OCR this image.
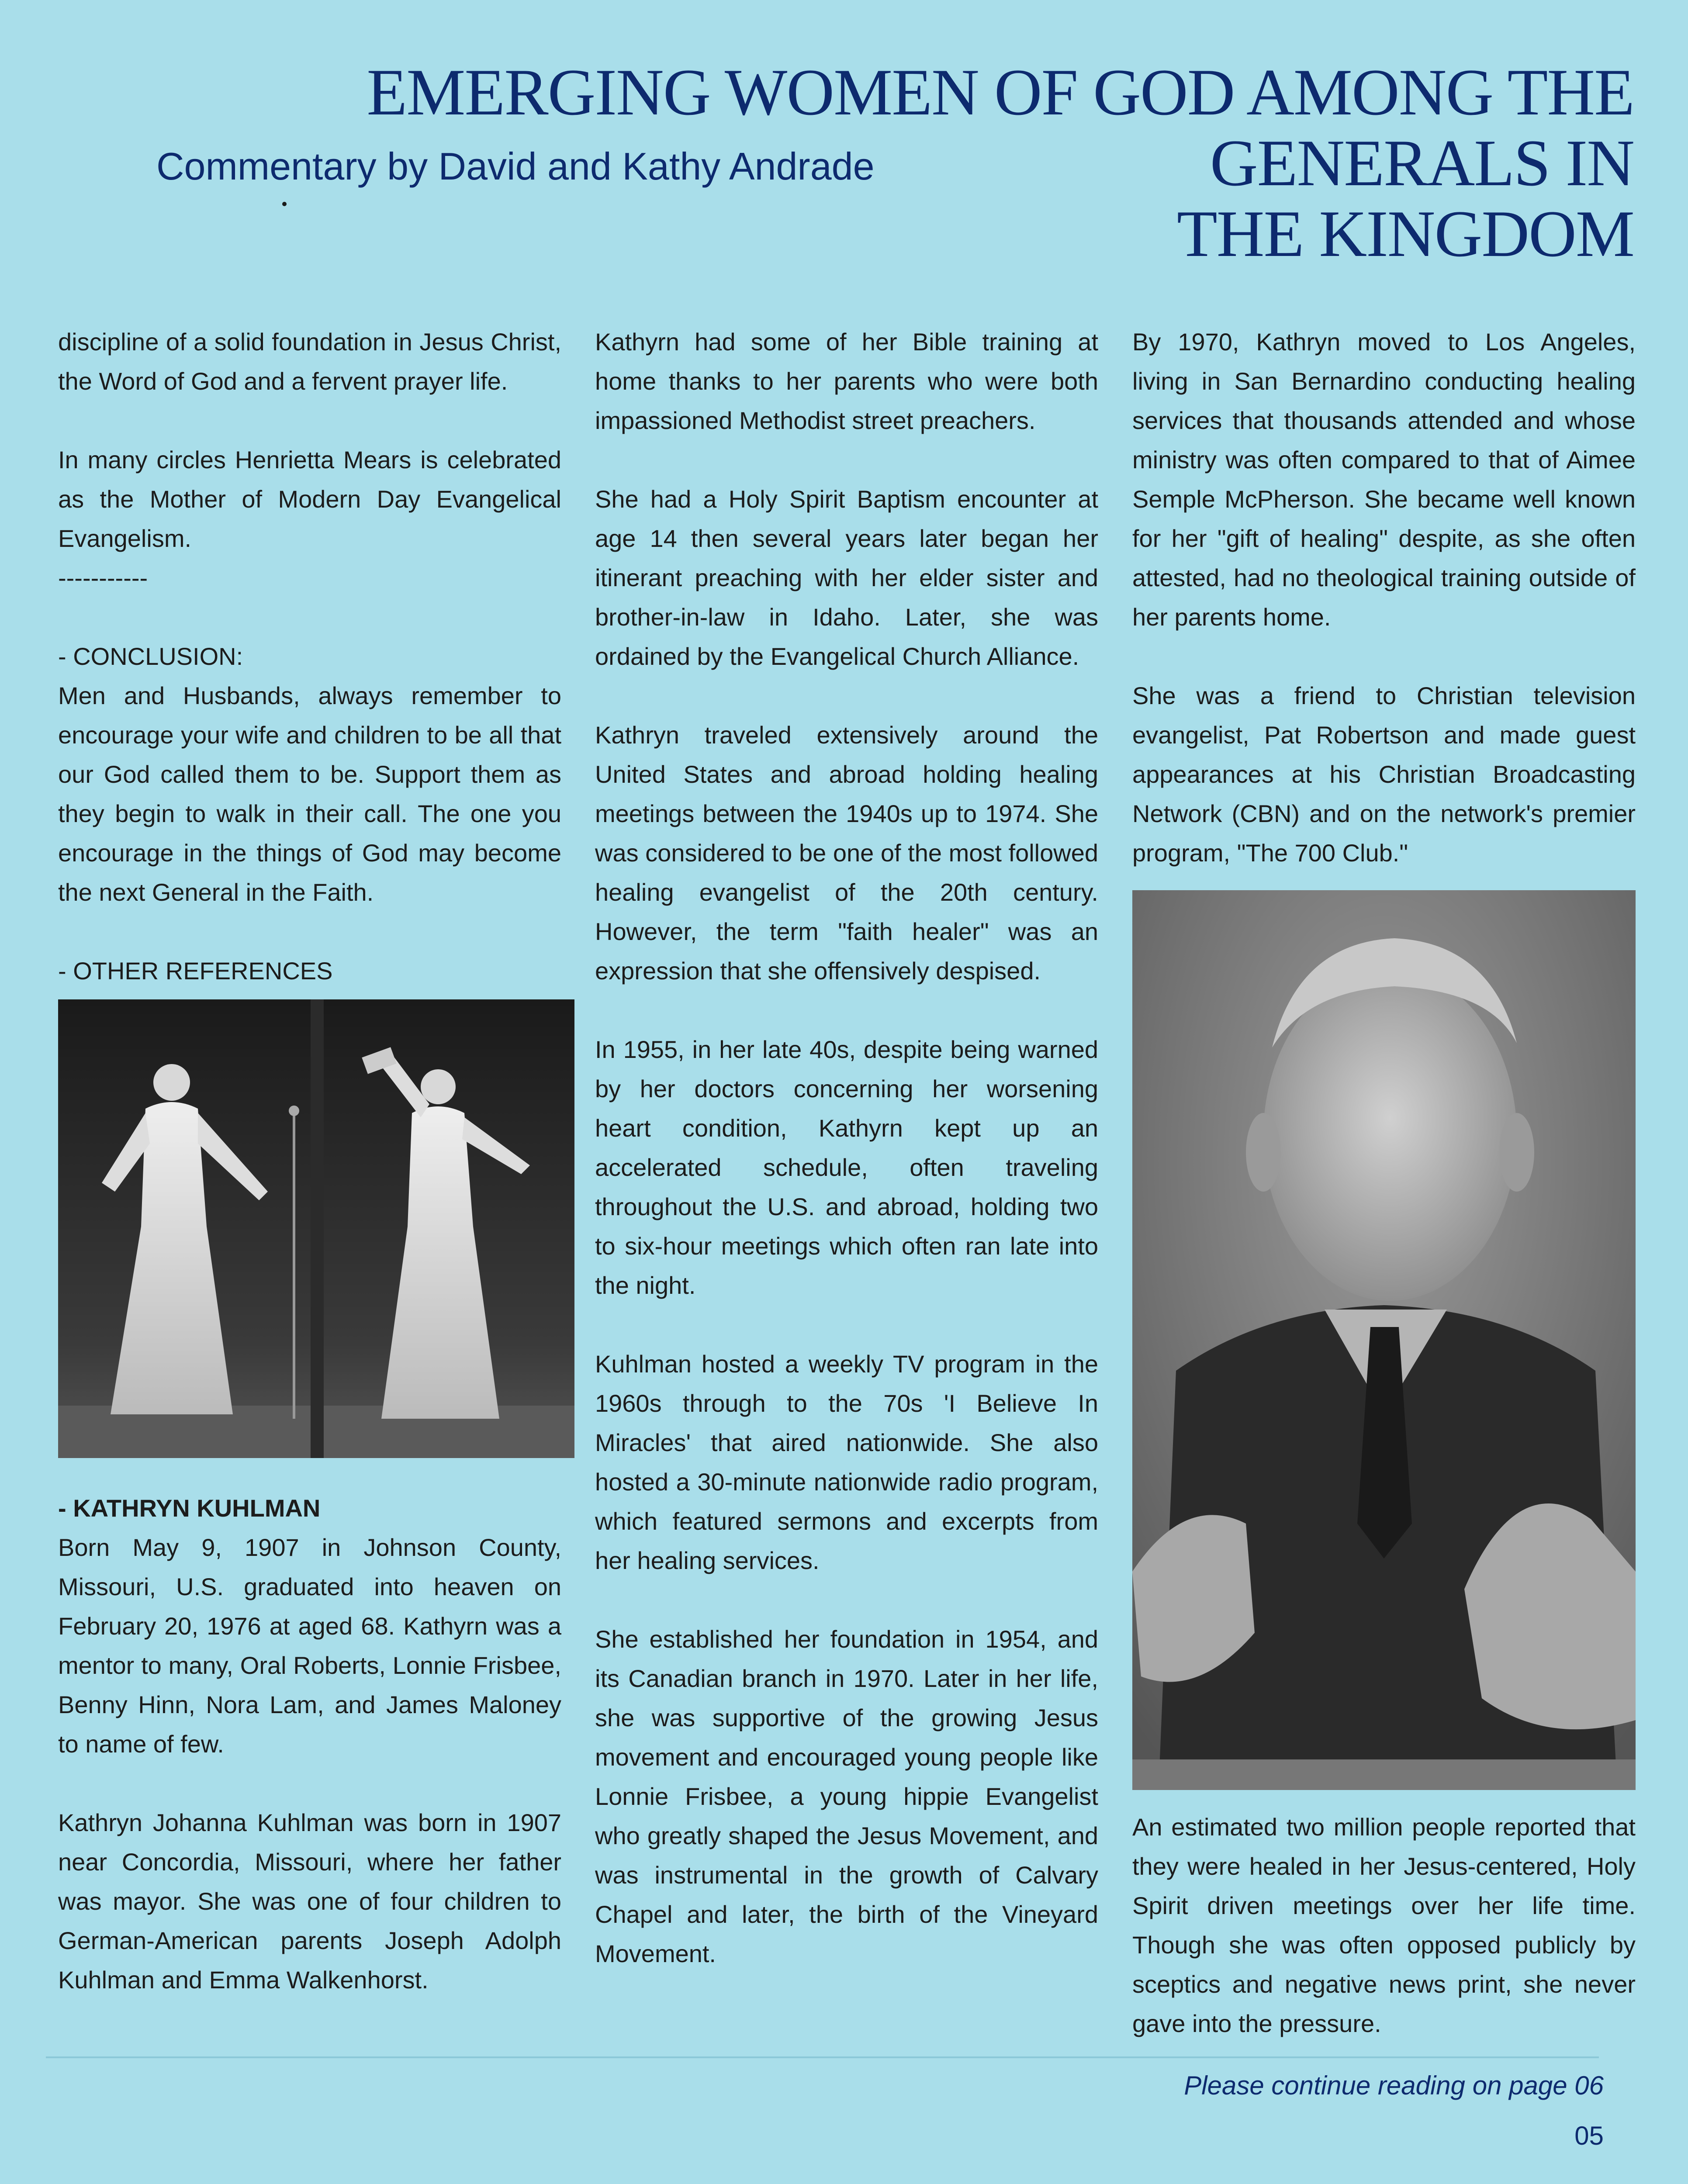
EMERGING WOMEN OF GOD AMONG THE GENERALS IN
THE KINGDOM
Commentary by David and Kathy Andrade
discipline of a solid foundation in Jesus Christ, the Word of God and a fervent prayer life.
In many circles Henrietta Mears is celebrated as the Mother of Modern Day Evangelical Evangelism.
-----------
- CONCLUSION:
Men and Husbands, always remember to encourage your wife and children to be all that our God called them to be. Support them as they begin to walk in their call. The one you encourage in the things of God may become the next General in the Faith.
- OTHER REFERENCES
- KATHRYN KUHLMAN
Born May 9, 1907 in Johnson County, Missouri, U.S. graduated into heaven on February 20, 1976 at aged 68. Kathyrn was a mentor to many, Oral Roberts, Lonnie Frisbee, Benny Hinn, Nora Lam, and James Maloney to name of few.
Kathryn Johanna Kuhlman was born in 1907 near Concordia, Missouri, where her father was mayor. She was one of four children to German-American parents Joseph Adolph Kuhlman and Emma Walkenhorst.
Kathyrn had some of her Bible training at home thanks to her parents who were both impassioned Methodist street preachers.
She had a Holy Spirit Baptism encounter at age 14 then several years later began her itinerant preaching with her elder sister and brother-in-law in Idaho. Later, she was ordained by the Evangelical Church Alliance.
Kathryn traveled extensively around the United States and abroad holding healing meetings between the 1940s up to 1974. She was considered to be one of the most followed healing evangelist of the 20th century. However, the term "faith healer" was an expression that she offensively despised.
In 1955, in her late 40s, despite being warned by her doctors concerning her worsening heart condition, Kathyrn kept up an accelerated schedule, often traveling throughout the U.S. and abroad, holding two to six-hour meetings which often ran late into the night.
Kuhlman hosted a weekly TV program in the 1960s through to the 70s 'I Believe In Miracles' that aired nationwide. She also hosted a 30-minute nationwide radio program, which featured sermons and excerpts from her healing services.
She established her foundation in 1954, and its Canadian branch in 1970. Later in her life, she was supportive of the growing Jesus movement and encouraged young people like Lonnie Frisbee, a young hippie Evangelist who greatly shaped the Jesus Movement, and was instrumental in the growth of Calvary Chapel and later, the birth of the Vineyard Movement.
By 1970, Kathryn moved to Los Angeles, living in San Bernardino conducting healing services that thousands attended and whose ministry was often compared to that of Aimee Semple McPherson. She became well known for her "gift of healing" despite, as she often attested, had no theological training outside of her parents home.
She was a friend to Christian television evangelist, Pat Robertson and made guest appearances at his Christian Broadcasting Network (CBN) and on the network's premier program, "The 700 Club."
An estimated two million people reported that they were healed in her Jesus-centered, Holy Spirit driven meetings over her life time. Though she was often opposed publicly by sceptics and negative news print, she never gave into the pressure.
Please continue reading on page 06
05
